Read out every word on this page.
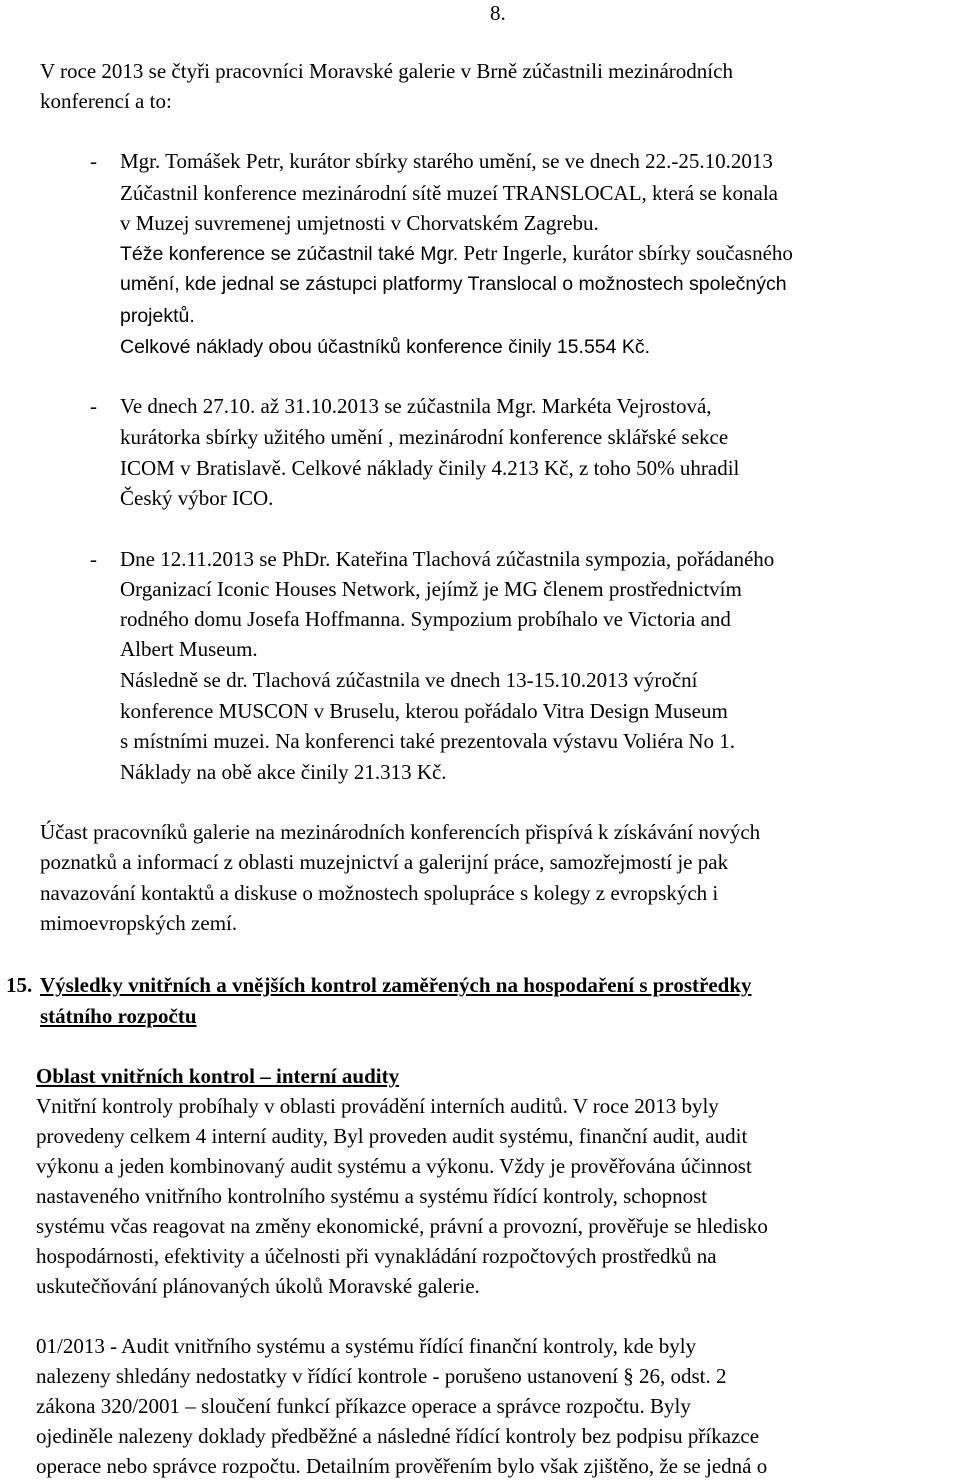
8.
V roce 2013 se čtyři pracovníci Moravské galerie v Brně zúčastnili mezinárodních
konferencí a to:
- Mgr. Tomášek Petr, kurátor sbírky starého umění, se ve dnech 22.-25.10.2013
Zúčastnil konference mezinárodní sítě muzeí TRANSLOCAL, která se konala
v Muzej suvremenej umjetnosti v Chorvatském Zagrebu.
Téže konference se zúčastnil také Mgr. Petr Ingerle, kurátor sbírky současného
umění, kde jednal se zástupci platformy Translocal o možnostech společných
projektů.
Celkové náklady obou účastníků konference činily 15.554 Kč.
- Ve dnech 27.10. až 31.10.2013 se zúčastnila Mgr. Markéta Vejrostová,
kurátorka sbírky užitého umění , mezinárodní konference sklářské sekce
ICOM v Bratislavě. Celkové náklady činily 4.213 Kč, z toho 50% uhradil
Český výbor ICO.
- Dne 12.11.2013 se PhDr. Kateřina Tlachová zúčastnila sympozia, pořádaného
Organizací Iconic Houses Network, jejímž je MG členem prostřednictvím
rodného domu Josefa Hoffmanna. Sympozium probíhalo ve Victoria and
Albert Museum.
Následně se dr. Tlachová zúčastnila ve dnech 13-15.10.2013 výroční
konference MUSCON v Bruselu, kterou pořádalo Vitra Design Museum
s místními muzei. Na konferenci také prezentovala výstavu Voliéra No 1.
Náklady na obě akce činily 21.313 Kč.
Účast pracovníků galerie na mezinárodních konferencích přispívá k získávání nových
poznatků a informací z oblasti muzejnictví a galerijní práce, samozřejmostí je pak
navazování kontaktů a diskuse o možnostech spolupráce s kolegy z evropských i
mimoevropských zemí.
15. Výsledky vnitřních a vnějších kontrol zaměřených na hospodaření s prostředky
státního rozpočtu
Oblast vnitřních kontrol – interní audity
Vnitřní kontroly probíhaly v oblasti provádění interních auditů. V roce 2013 byly
provedeny celkem 4 interní audity, Byl proveden audit systému, finanční audit, audit
výkonu a jeden kombinovaný audit systému a výkonu. Vždy je prověřována účinnost
nastaveného vnitřního kontrolního systému a systému řídící kontroly, schopnost
systému včas reagovat na změny ekonomické, právní a provozní, prověřuje se hledisko
hospodárnosti, efektivity a účelnosti při vynakládání rozpočtových prostředků na
uskutečňování plánovaných úkolů Moravské galerie.
01/2013 - Audit vnitřního systému a systému řídící finanční kontroly, kde byly
nalezeny shledány nedostatky v řídící kontrole - porušeno ustanovení § 26, odst. 2
zákona 320/2001 – sloučení funkcí příkazce operace a správce rozpočtu. Byly
ojediněle nalezeny doklady předběžné a následné řídící kontroly bez podpisu příkazce
operace nebo správce rozpočtu. Detailním prověřením bylo však zjištěno, že se jedná o
